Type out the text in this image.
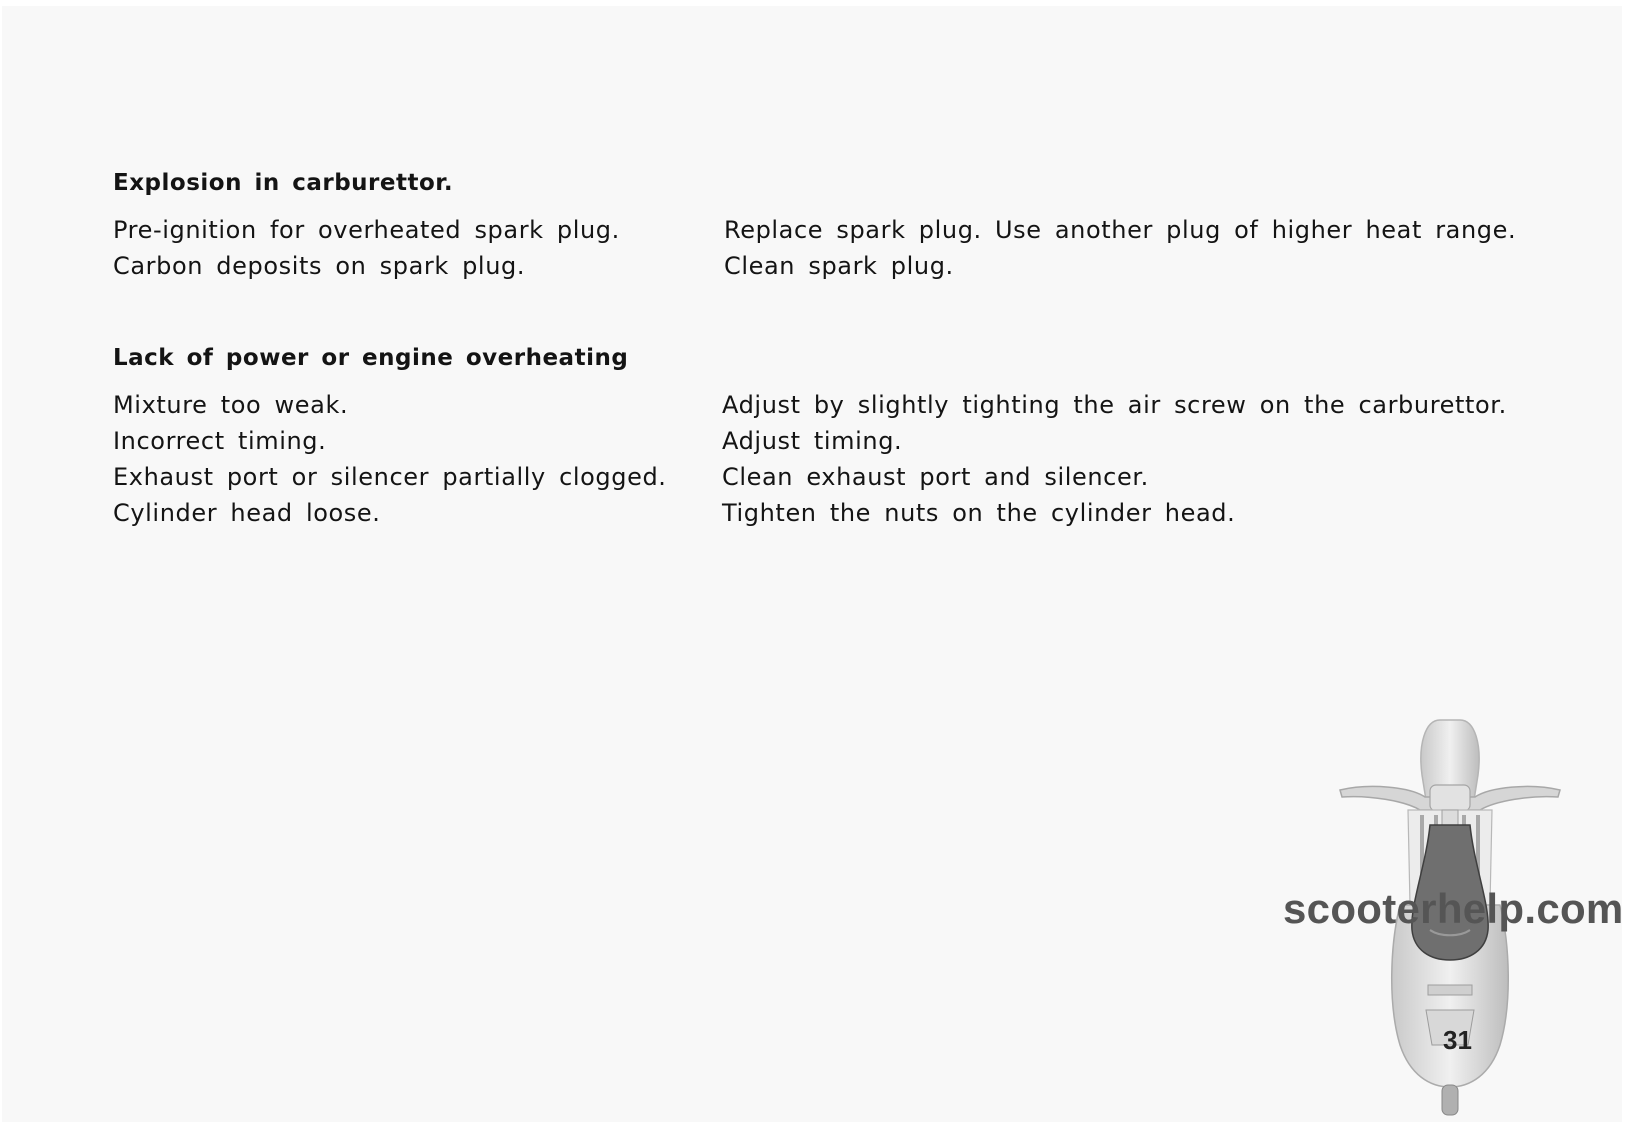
Explosion in carburettor.
Pre-ignition for overheated spark plug.
Carbon deposits on spark plug.
Replace spark plug. Use another plug of higher heat range.
Clean spark plug.
Lack of power or engine overheating
Mixture too weak.
Incorrect timing.
Exhaust port or silencer partially clogged.
Cylinder head loose.
Adjust by slightly tighting the air screw on the carburettor.
Adjust timing.
Clean exhaust port and silencer.
Tighten the nuts on the cylinder head.
scooterhelp.com
31
